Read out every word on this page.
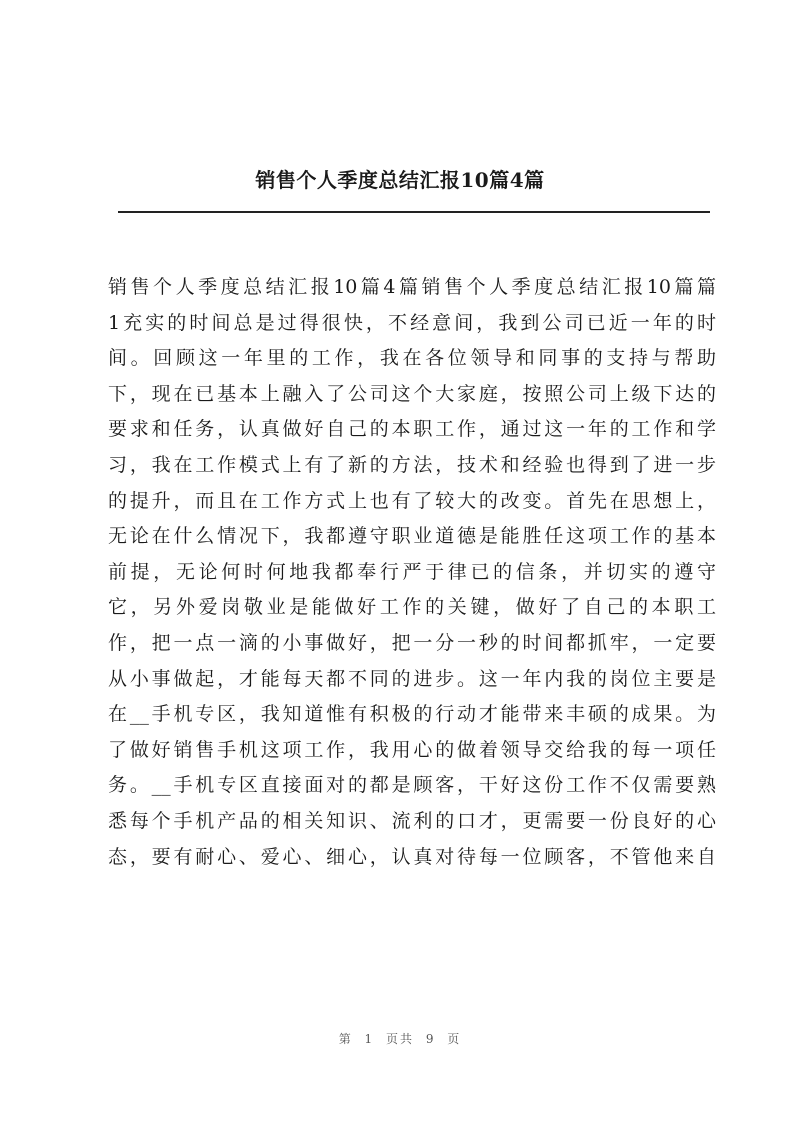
销售个人季度总结汇报10篇4篇
销售个人季度总结汇报10篇4篇销售个人季度总结汇报10篇篇
1充实的时间总是过得很快，不经意间，我到公司已近一年的时
间。回顾这一年里的工作，我在各位领导和同事的支持与帮助
下，现在已基本上融入了公司这个大家庭，按照公司上级下达的
要求和任务，认真做好自己的本职工作，通过这一年的工作和学
习，我在工作模式上有了新的方法，技术和经验也得到了进一步
的提升，而且在工作方式上也有了较大的改变。首先在思想上，
无论在什么情况下，我都遵守职业道德是能胜任这项工作的基本
前提，无论何时何地我都奉行严于律已的信条，并切实的遵守
它，另外爱岗敬业是能做好工作的关键，做好了自己的本职工
作，把一点一滴的小事做好，把一分一秒的时间都抓牢，一定要
从小事做起，才能每天都不同的进步。这一年内我的岗位主要是
在__手机专区，我知道惟有积极的行动才能带来丰硕的成果。为
了做好销售手机这项工作，我用心的做着领导交给我的每一项任
务。__手机专区直接面对的都是顾客，干好这份工作不仅需要熟
悉每个手机产品的相关知识、流利的口才，更需要一份良好的心
态，要有耐心、爱心、细心，认真对待每一位顾客，不管他来自
第 1 页共 9 页
